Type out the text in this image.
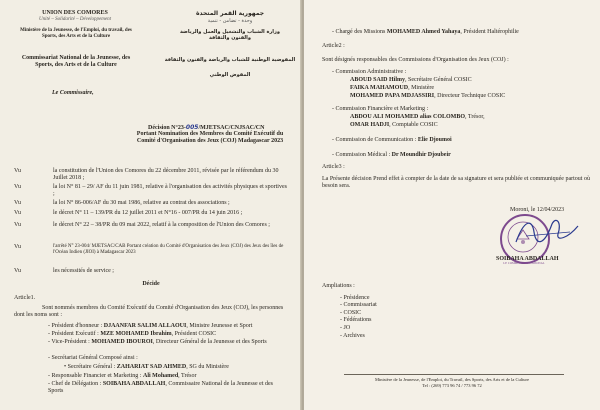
UNION DES COMORES
Unité – Solidarité – Développement
Ministère de la Jeunesse, de l'Emploi, du travail, des Sports, des Arts et de la Culture
Commissariat National de la Jeunesse, des Sports, des Arts et de la Culture
Le Commissaire,
جمهورية القمر المتحدة
وحدة - تضامن - تنمية
وزارة الشباب والتشغيل والعمل والرياضة والفنون والثقافة
المفوضية الوطنية للشباب والرياضة والفنون والثقافة
المفوض الوطني
Décision N°23-005/MJETSAC/CNJSAC/CN
Portant Nomination des Membres du Comité Exécutif du
Comité d'Organisation des Jeux (COJ) Madagascar 2023
Vu	la constitution de l'Union des Comores du 22 décembre 2011, révisée par le référendum du 30 Juillet 2018 ;
Vu	la loi N° 81 – 29/ AF du 11 juin 1981, relative à l'organisation des activités physiques et sportives ;
Vu	la loi N° 86-006/AF du 30 mai 1986, relative au contrat des associations ;
Vu	le décret N° 11 – 139/PR du 12 juillet 2011 et N°16 - 007/PR du 14 juin 2016 ;
Vu	le décret N° 22 – 38/PR du 09 mai 2022, relatif à la composition de l'Union des Comores ;
Vu	l'arrêté N° 23-004/ MJETSAC/CAB Portant création du Comité d'Organisation des Jeux (COJ) des Jeux des îles de l'Océan Indien (JIOI) à Madagascar 2023
Vu	les nécessités de service ;
Décide
Article1.
Sont nommés membres du Comité Exécutif du Comité d'Organisation des Jeux (COJ), les personnes dont les noms sont :
- Président d'honneur : DJAANFAR SALIM ALLAOUI, Ministre Jeunesse et Sport
- Président Exécutif : MZE MOHAMED Ibrahim, Président COSIC
- Vice-Président : MOHAMED IBOUROI, Directeur Général de la Jeunesse et des Sports
- Secrétariat Général Composé ainsi :
• Secrétaire Général : ZAHARIAT SAD AHMED, SG du Ministère
- Responsable Financier et Marketing : Ali Mohamed, Trésor
- Chef de Délégation : SOIBAHA ABDALLAH, Commissaire National de la Jeunesse et des Sports
- Chargé des Missions MOHAMED Ahmed Yahaya, Président Haltérophilie
Article2 :
Sont désignés responsables des Commissions d'Organisation des Jeux (COJ) :
- Commission Administrative :
ABOUD SAID Hilmy, Secrétaire Général COSIC
FAIKA MAHAMOUD, Ministère
MOHAMED PAPA MDJASSIRI, Directeur Technique COSIC
- Commission Financière et Marketing :
ABDOU ALI MOHAMED alias COLOMBO, Trésor,
OMAR HADJI, Comptable COSIC
- Commission de Communication : Elie Djoumoi
- Commission Médical : Dr Moundhir Djoubeir
Article3 :
La Présente décision Prend effet à compter de la date de sa signature et sera publiée et communiquée partout où besoin sera.
Moroni, le 12/04/2023
LE COMMISSAIRE NATIONAL
SOIBAHA ABDALLAH
Ampliations :
- Présidence
- Commissariat
- COSIC
- Fédérations
- JO
- Archives
Ministère de la Jeunesse, de l'Emploi, du Travail, des Sports, des Arts et de la Culture
Tel : (269) 773 96 74 / 773 96 72
